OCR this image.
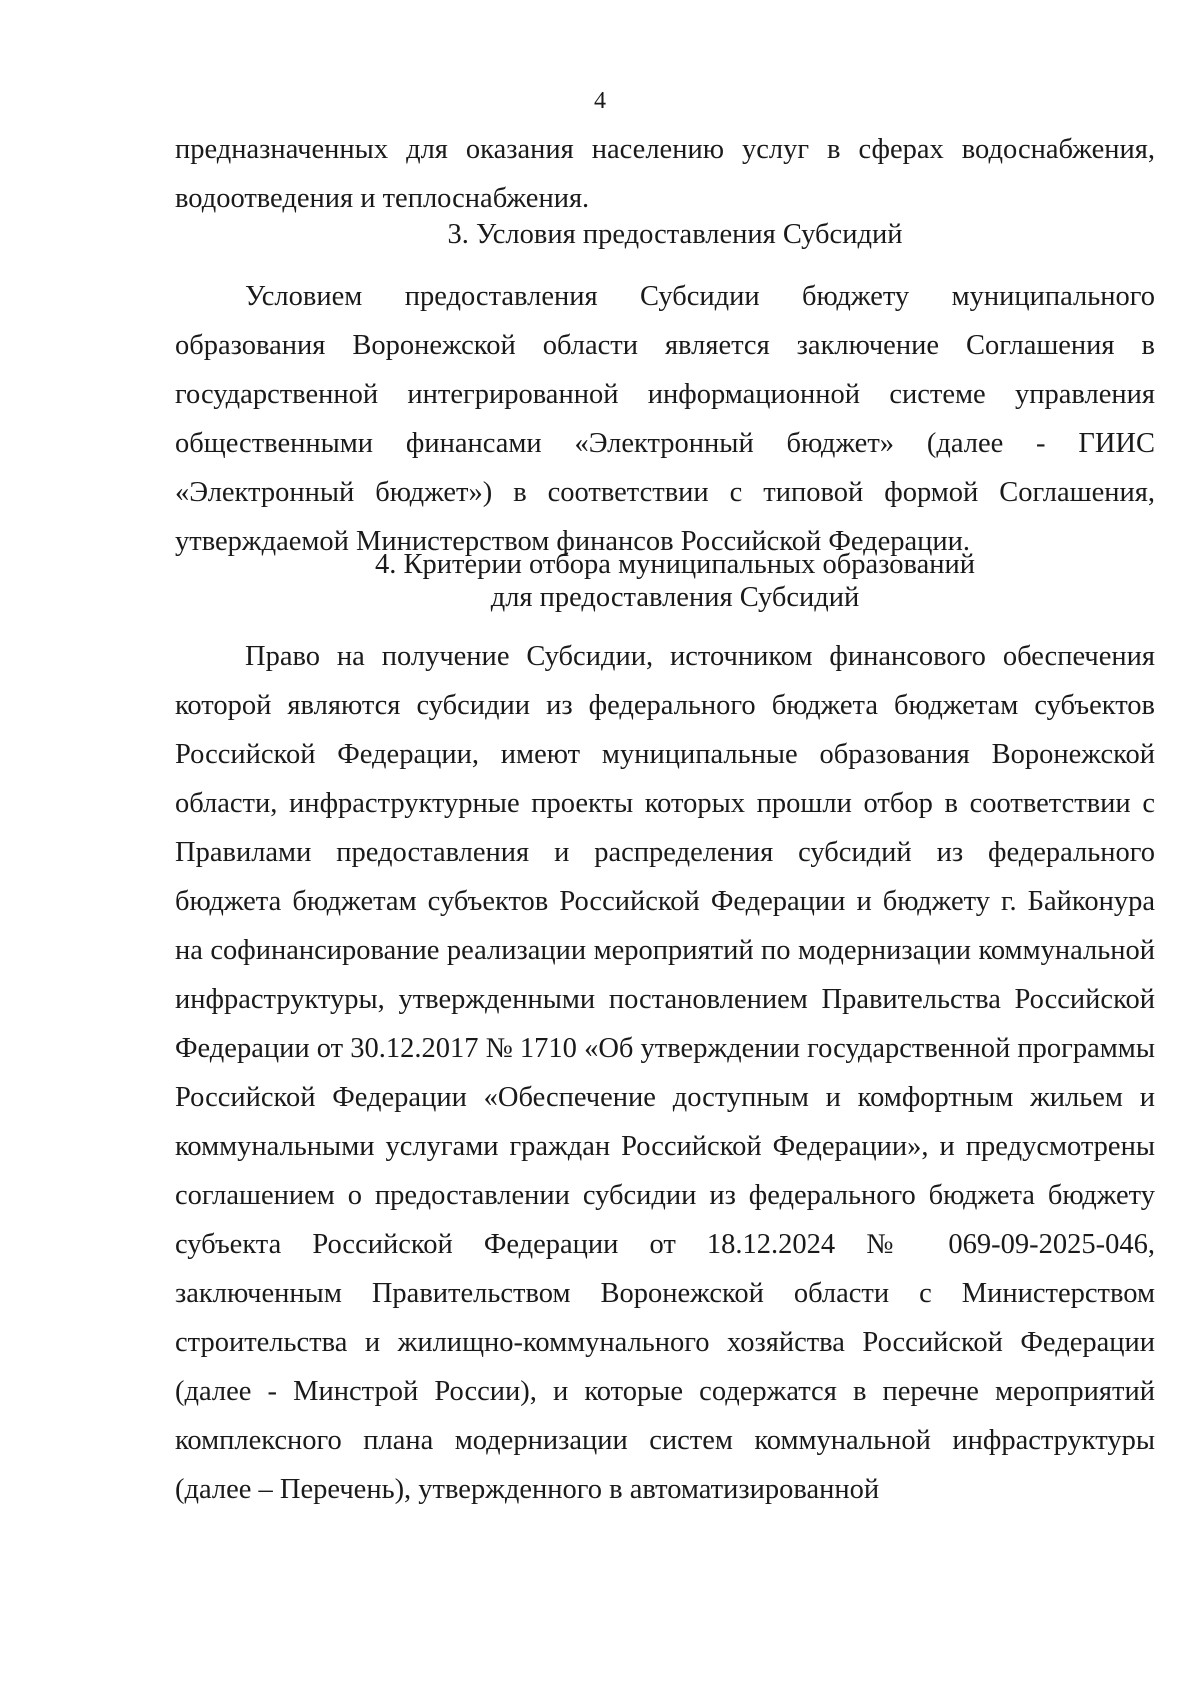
4

предназначенных для оказания населению услуг в сферах водоснабжения, водоотведения и теплоснабжения.

3. Условия предоставления Субсидий

Условием предоставления Субсидии бюджету муниципального образования Воронежской области является заключение Соглашения в государственной интегрированной информационной системе управления общественными финансами «Электронный бюджет» (далее - ГИИС «Электронный бюджет») в соответствии с типовой формой Соглашения, утверждаемой Министерством финансов Российской Федерации.

4. Критерии отбора муниципальных образований
для предоставления Субсидий

Право на получение Субсидии, источником финансового обеспечения которой являются субсидии из федерального бюджета бюджетам субъектов Российской Федерации, имеют муниципальные образования Воронежской области, инфраструктурные проекты которых прошли отбор в соответствии с Правилами предоставления и распределения субсидий из федерального бюджета бюджетам субъектов Российской Федерации и бюджету г. Байконура на софинансирование реализации мероприятий по модернизации коммунальной инфраструктуры, утвержденными постановлением Правительства Российской Федерации от 30.12.2017 № 1710 «Об утверждении государственной программы Российской Федерации «Обеспечение доступным и комфортным жильем и коммунальными услугами граждан Российской Федерации», и предусмотрены соглашением о предоставлении субсидии из федерального бюджета бюджету субъекта Российской Федерации от 18.12.2024 № 069-09-2025-046, заключенным Правительством Воронежской области с Министерством строительства и жилищно-коммунального хозяйства Российской Федерации (далее - Минстрой России), и которые содержатся в перечне мероприятий комплексного плана модернизации систем коммунальной инфраструктуры (далее – Перечень), утвержденного в автоматизированной
